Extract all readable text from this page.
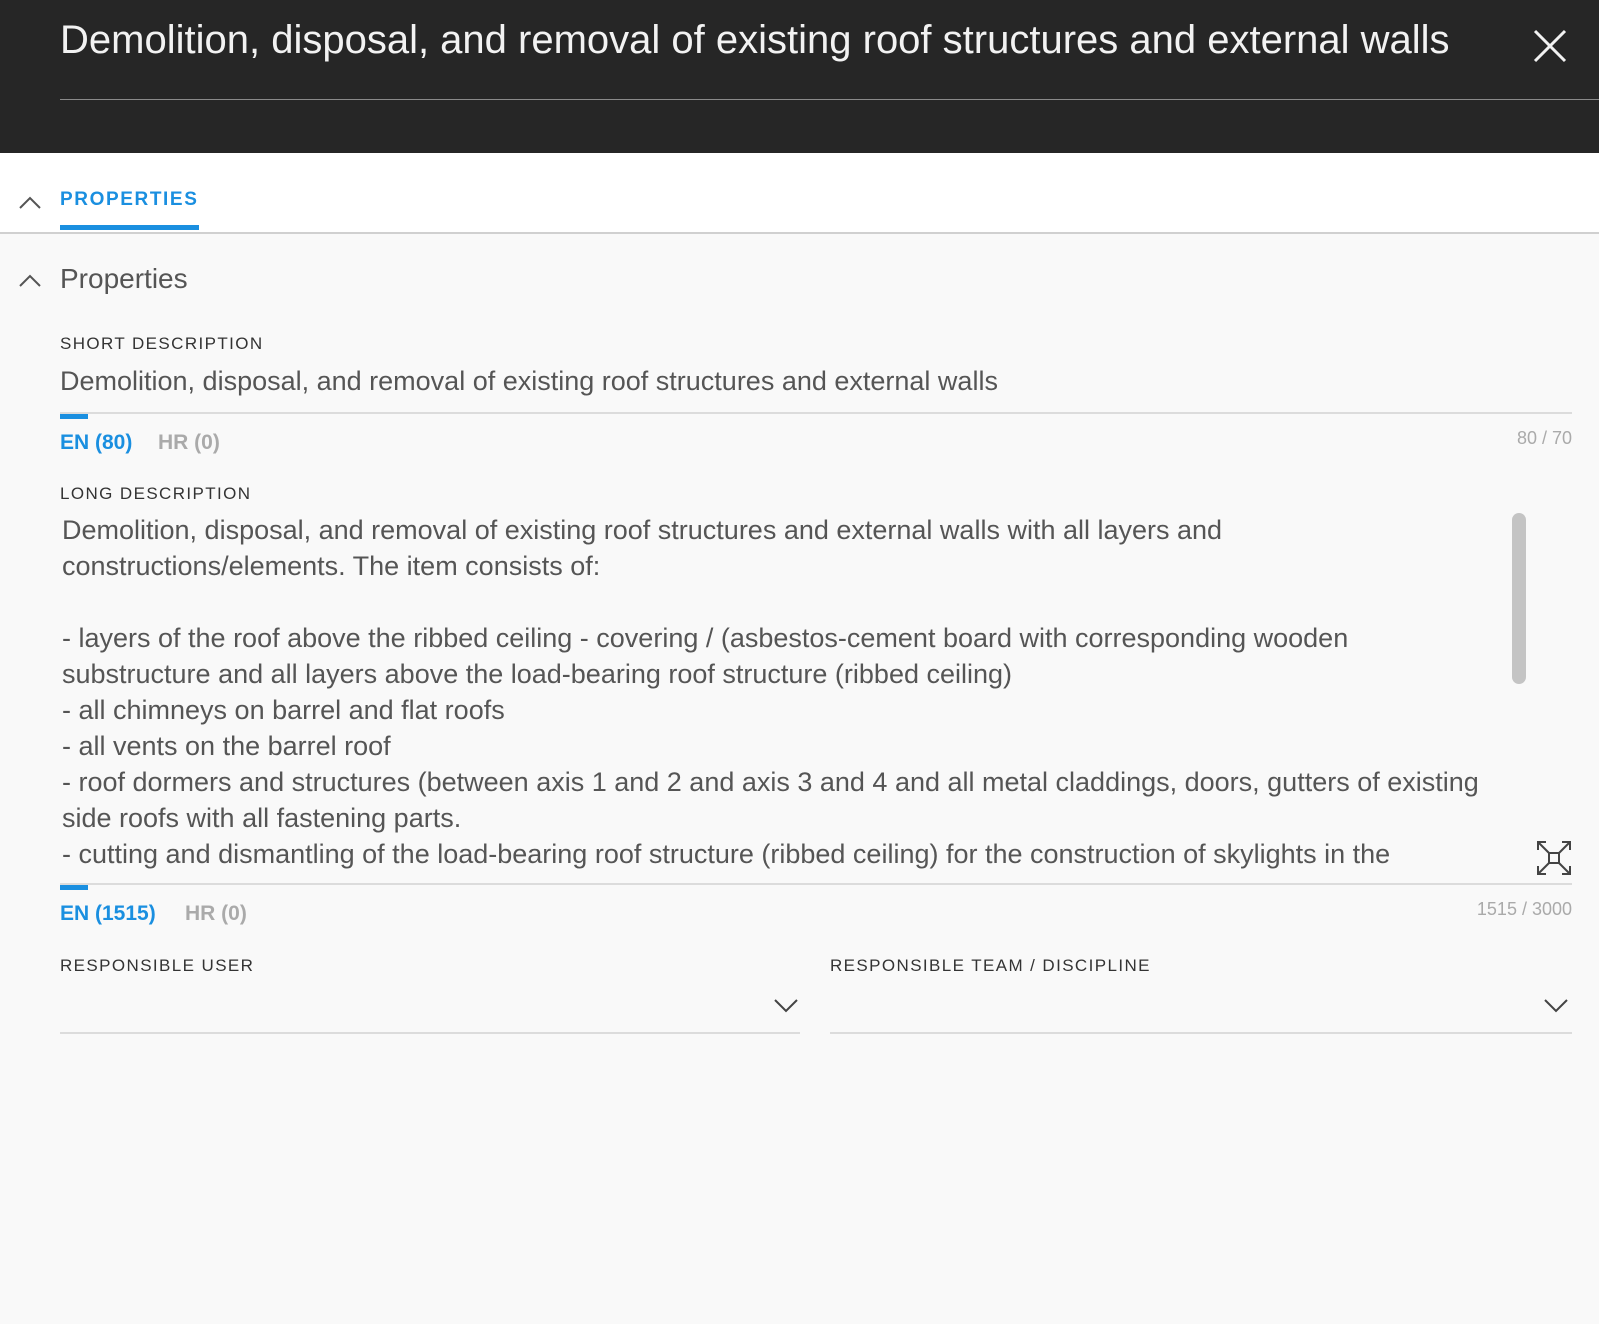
Demolition, disposal, and removal of existing roof structures and external walls
PROPERTIES
Properties
SHORT DESCRIPTION
Demolition, disposal, and removal of existing roof structures and external walls
EN (80) HR (0)	80 / 70
LONG DESCRIPTION
Demolition, disposal, and removal of existing roof structures and external walls with all layers and constructions/elements. The item consists of:

- layers of the roof above the ribbed ceiling - covering / (asbestos-cement board with corresponding wooden substructure and all layers above the load-bearing roof structure (ribbed ceiling)
- all chimneys on barrel and flat roofs
- all vents on the barrel roof
- roof dormers and structures (between axis 1 and 2 and axis 3 and 4 and all metal claddings, doors, gutters of existing side roofs with all fastening parts.
- cutting and dismantling of the load-bearing roof structure (ribbed ceiling) for the construction of skylights in the
EN (1515) HR (0)	1515 / 3000
RESPONSIBLE USER	RESPONSIBLE TEAM / DISCIPLINE
